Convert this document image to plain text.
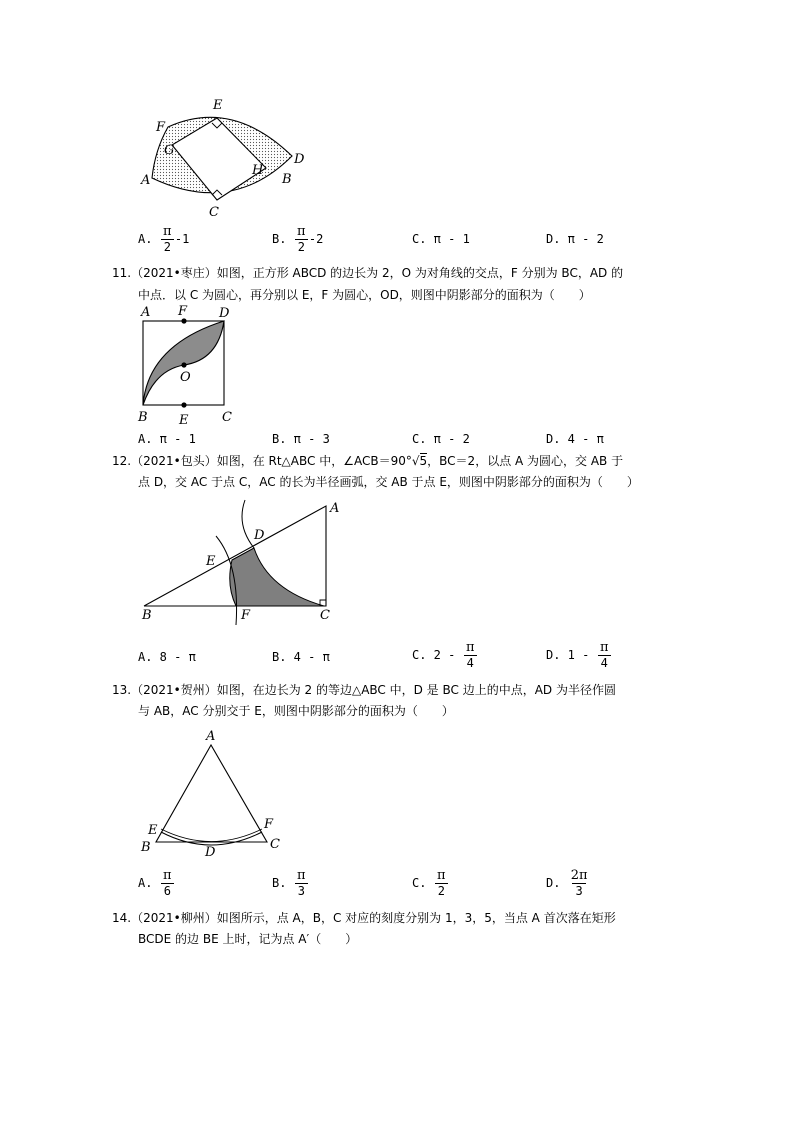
E
F
G
D
A
H
B
C
A. $\frac{\pi}{2} -1$	B. $\frac{\pi}{2} -2$	C. π - 1	D. π - 2
11.（2021•枣庄）如图，正方形 ABCD 的边长为 2，O 为对角线的交点，F 分别为 BC，AD 的
中点．以 C 为圆心，再分别以 E，F 为圆心，OD，则图中阴影部分的面积为（　　）
A F D
O
B E	C
A. π - 1	B. π - 3	C. π - 2	D. 4 - π
12.（2021•包头）如图，在 Rt△ABC 中，∠ACB＝90°√5，BC＝2，以点 A 为圆心，交 AB 于
点 D，交 AC 于点 C，AC 的长为半径画弧，交 AB 于点 E，则图中阴影部分的面积为（　　）
A
D
E
B	F	C
A. 8 - π	B. 4 - π	C. $2 - \frac{\pi}{4}$	D. $1 - \frac{\pi}{4}$
13.（2021•贺州）如图，在边长为 2 的等边△ABC 中，D 是 BC 边上的中点，AD 为半径作圆
与 AB，AC 分别交于 E，则图中阴影部分的面积为（　　）
A
E	F
B	D
C
A. $\frac{\pi}{6}$	B. $\frac{\pi}{3}$	C. $\frac{\pi}{2}$	D. $\frac{2\pi}{3}$
14.（2021•柳州）如图所示，点 A，B，C 对应的刻度分别为 1，3，5，当点 A 首次落在矩形
BCDE 的边 BE 上时，记为点 A′（　　）
